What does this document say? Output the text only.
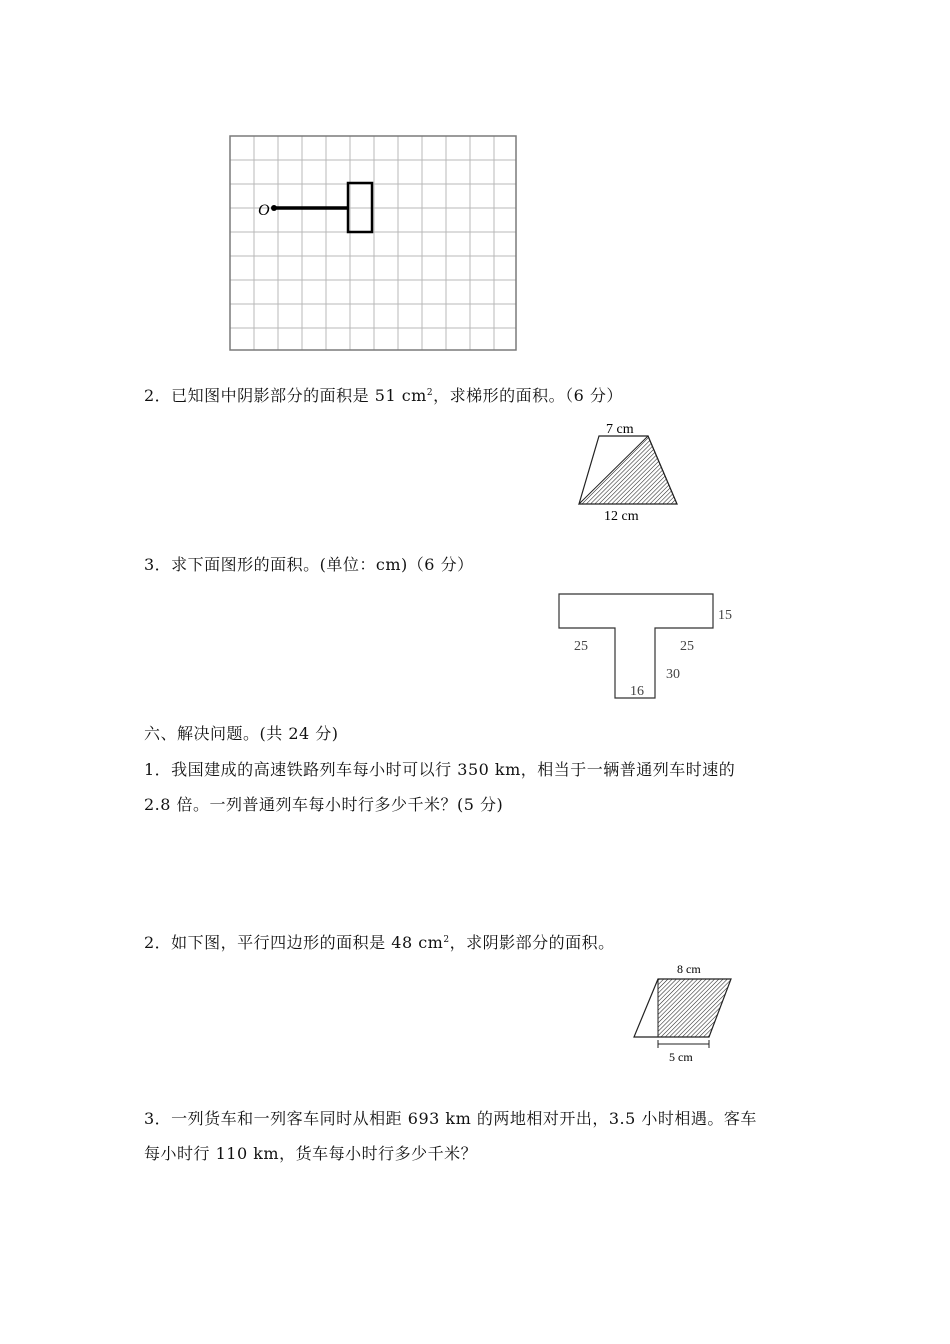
O
2．已知图中阴影部分的面积是 51 $cm^2$，求梯形的面积。（6 分）
7 cm
12 cm
3．求下面图形的面积。(单位：cm)（6 分）
15
25	25
30
16
六、解决问题。(共 24 分)
1．我国建成的高速铁路列车每小时可以行 350 km，相当于一辆普通列车时速的
2.8 倍。一列普通列车每小时行多少千米？(5 分)
2．如下图，平行四边形的面积是 48 $cm^2$，求阴影部分的面积。
8 cm
5 cm
3．一列货车和一列客车同时从相距 693 km 的两地相对开出，3.5 小时相遇。客车
每小时行 110 km，货车每小时行多少千米？
